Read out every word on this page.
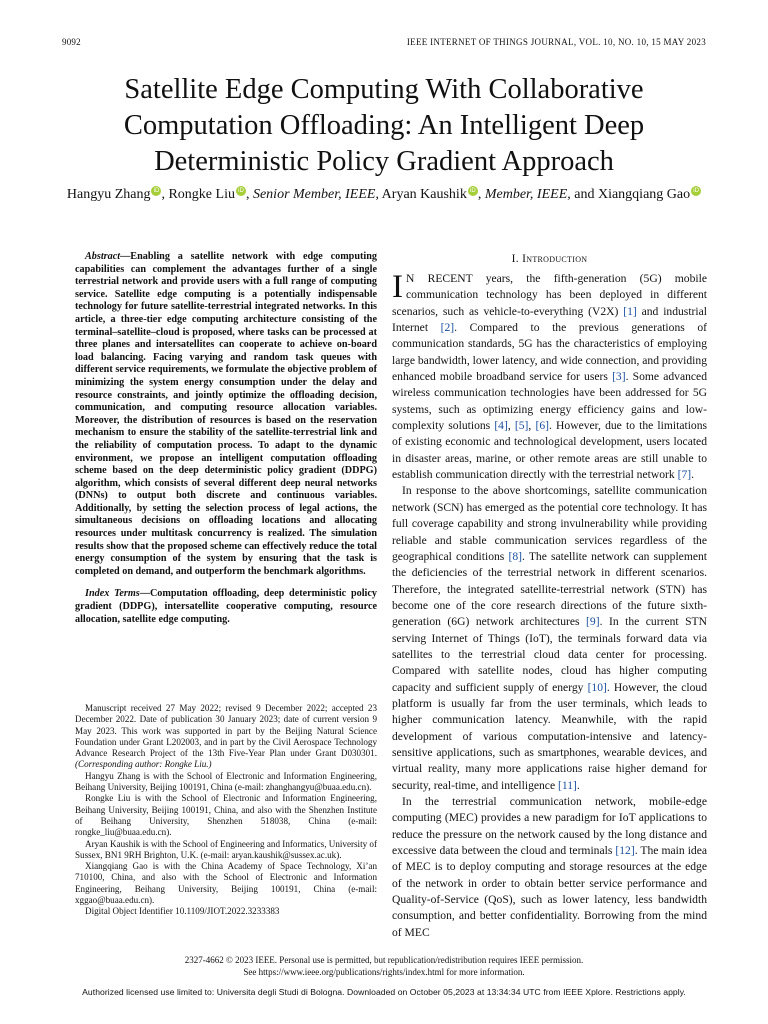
9092	IEEE INTERNET OF THINGS JOURNAL, VOL. 10, NO. 10, 15 MAY 2023
Satellite Edge Computing With Collaborative Computation Offloading: An Intelligent Deep Deterministic Policy Gradient Approach
Hangyu Zhang iD , Rongke Liu iD , Senior Member, IEEE, Aryan Kaushik iD , Member, IEEE, and Xiangqiang Gao iD

Abstract—Enabling a satellite network with edge computing capabilities can complement the advantages further of a single terrestrial network and provide users with a full range of computing service. Satellite edge computing is a potentially indispensable technology for future satellite-terrestrial integrated networks. In this article, a three-tier edge computing architecture consisting of the terminal–satellite–cloud is proposed, where tasks can be processed at three planes and intersatellites can cooperate to achieve on-board load balancing. Facing varying and random task queues with different service requirements, we formulate the objective problem of minimizing the system energy consumption under the delay and resource constraints, and jointly optimize the offloading decision, communication, and computing resource allocation variables. Moreover, the distribution of resources is based on the reservation mechanism to ensure the stability of the satellite-terrestrial link and the reliability of computation process. To adapt to the dynamic environment, we propose an intelligent computation offloading scheme based on the deep deterministic policy gradient (DDPG) algorithm, which consists of several different deep neural networks (DNNs) to output both discrete and continuous variables. Additionally, by setting the selection process of legal actions, the simultaneous decisions on offloading locations and allocating resources under multitask concurrency is realized. The simulation results show that the proposed scheme can effectively reduce the total energy consumption of the system by ensuring that the task is completed on demand, and outperform the benchmark algorithms.

Index Terms—Computation offloading, deep deterministic policy gradient (DDPG), intersatellite cooperative computing, resource allocation, satellite edge computing.

Manuscript received 27 May 2022; revised 9 December 2022; accepted 23 December 2022. Date of publication 30 January 2023; date of current version 9 May 2023. This work was supported in part by the Beijing Natural Science Foundation under Grant L202003, and in part by the Civil Aerospace Technology Advance Research Project of the 13th Five-Year Plan under Grant D030301. (Corresponding author: Rongke Liu.)

Hangyu Zhang is with the School of Electronic and Information Engineering, Beihang University, Beijing 100191, China (e-mail: zhanghangyu@buaa.edu.cn).

Rongke Liu is with the School of Electronic and Information Engineering, Beihang University, Beijing 100191, China, and also with the Shenzhen Institute of Beihang University, Shenzhen 518038, China (e-mail: rongke_liu@buaa.edu.cn).

Aryan Kaushik is with the School of Engineering and Informatics, University of Sussex, BN1 9RH Brighton, U.K. (e-mail: aryan.kaushik@sussex.ac.uk).

Xiangqiang Gao is with the China Academy of Space Technology, Xi’an 710100, China, and also with the School of Electronic and Information Engineering, Beihang University, Beijing 100191, China (e-mail: xggao@buaa.edu.cn).

Digital Object Identifier 10.1109/JIOT.2022.3233383

I. Introduction

I N RECENT years, the fifth-generation (5G) mobile communication technology has been deployed in different scenarios, such as vehicle-to-everything (V2X) [1] and industrial Internet [2]. Compared to the previous generations of communication standards, 5G has the characteristics of employing large bandwidth, lower latency, and wide connection, and providing enhanced mobile broadband service for users [3]. Some advanced wireless communication technologies have been addressed for 5G systems, such as optimizing energy efficiency gains and low-complexity solutions [4], [5], [6]. However, due to the limitations of existing economic and technological development, users located in disaster areas, marine, or other remote areas are still unable to establish communication directly with the terrestrial network [7].

In response to the above shortcomings, satellite communication network (SCN) has emerged as the potential core technology. It has full coverage capability and strong invulnerability while providing reliable and stable communication services regardless of the geographical conditions [8]. The satellite network can supplement the deficiencies of the terrestrial network in different scenarios. Therefore, the integrated satellite-terrestrial network (STN) has become one of the core research directions of the future sixth-generation (6G) network architectures [9]. In the current STN serving Internet of Things (IoT), the terminals forward data via satellites to the terrestrial cloud data center for processing. Compared with satellite nodes, cloud has higher computing capacity and sufficient supply of energy [10]. However, the cloud platform is usually far from the user terminals, which leads to higher communication latency. Meanwhile, with the rapid development of various computation-intensive and latency-sensitive applications, such as smartphones, wearable devices, and virtual reality, many more applications raise higher demand for security, real-time, and intelligence [11].

In the terrestrial communication network, mobile-edge computing (MEC) provides a new paradigm for IoT applications to reduce the pressure on the network caused by the long distance and excessive data between the cloud and terminals [12]. The main idea of MEC is to deploy computing and storage resources at the edge of the network in order to obtain better service performance and Quality-of-Service (QoS), such as lower latency, less bandwidth consumption, and better confidentiality. Borrowing from the mind of MEC

2327-4662 © 2023 IEEE. Personal use is permitted, but republication/redistribution requires IEEE permission.
See https://www.ieee.org/publications/rights/index.html for more information.
Authorized licensed use limited to: Universita degli Studi di Bologna. Downloaded on October 05,2023 at 13:34:34 UTC from IEEE Xplore. Restrictions apply.
